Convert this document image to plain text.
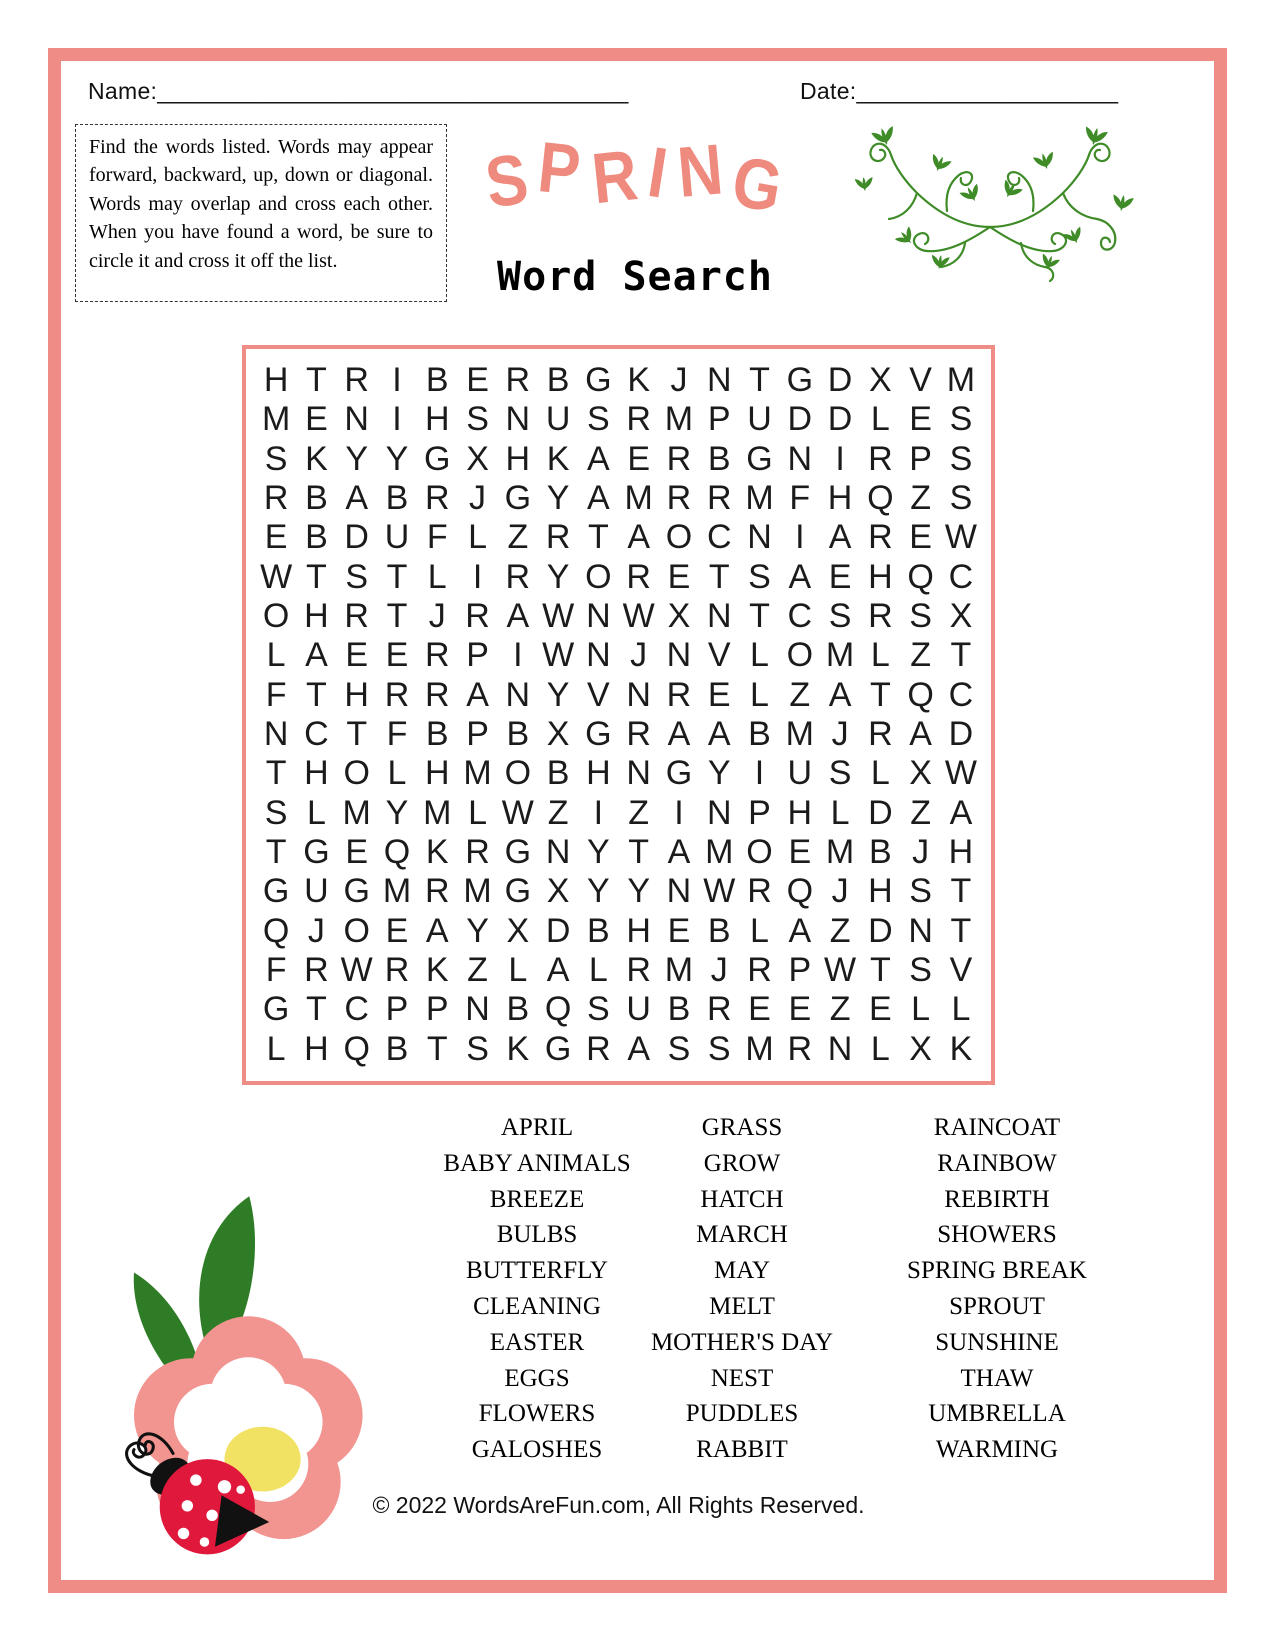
Name:____________________________________	Date:____________________
Find the words listed. Words may appear forward, backward, up, down or diagonal. Words may overlap and cross each other. When you have found a word, be sure to circle it and cross it off the list.
SPRING
Word Search
H T R I B E R B G K J N T G D X V M
M E N I H S N U S R M P U D D L E S
S K Y Y G X H K A E R B G N I R P S
R B A B R J G Y A M R R M F H Q Z S
E B D U F L Z R T A O C N I A R E W
W T S T L I R Y O R E T S A E H Q C
O H R T J R A W N W X N T C S R S X
L A E E R P I W N J N V L O M L Z T
F T H R R A N Y V N R E L Z A T Q C
N C T F B P B X G R A A B M J R A D
T H O L H M O B H N G Y I U S L X W
S L M Y M L W Z I Z I N P H L D Z A
T G E Q K R G N Y T A M O E M B J H
G U G M R M G X Y Y N W R Q J H S T
Q J O E A Y X D B H E B L A Z D N T
F R W R K Z L A L R M J R P W T S V
G T C P P N B Q S U B R E E Z E L L
L H Q B T S K G R A S S M R N L X K
APRIL
BABY ANIMALS
BREEZE
BULBS
BUTTERFLY
CLEANING
EASTER
EGGS
FLOWERS
GALOSHES
GRASS
GROW
HATCH
MARCH
MAY
MELT
MOTHER'S DAY
NEST
PUDDLES
RABBIT
RAINCOAT
RAINBOW
REBIRTH
SHOWERS
SPRING BREAK
SPROUT
SUNSHINE
THAW
UMBRELLA
WARMING
© 2022 WordsAreFun.com, All Rights Reserved.
